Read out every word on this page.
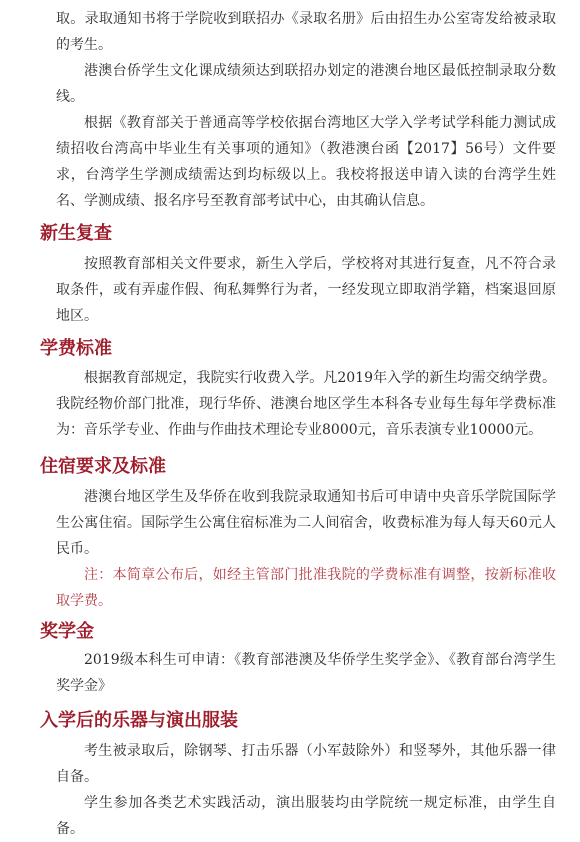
取。录取通知书将于学院收到联招办《录取名册》后由招生办公室寄发给被录取的考生。

港澳台侨学生文化课成绩须达到联招办划定的港澳台地区最低控制录取分数线。

根据《教育部关于普通高等学校依据台湾地区大学入学考试学科能力测试成绩招收台湾高中毕业生有关事项的通知》（教港澳台函【2017】56号）文件要求，台湾学生学测成绩需达到均标级以上。我校将报送申请入读的台湾学生姓名、学测成绩、报名序号至教育部考试中心，由其确认信息。

新生复查

按照教育部相关文件要求，新生入学后，学校将对其进行复查，凡不符合录取条件，或有弄虚作假、徇私舞弊行为者，一经发现立即取消学籍，档案退回原地区。

学费标准

根据教育部规定，我院实行收费入学。凡2019年入学的新生均需交纳学费。我院经物价部门批准，现行华侨、港澳台地区学生本科各专业每生每年学费标准为：音乐学专业、作曲与作曲技术理论专业8000元，音乐表演专业10000元。

住宿要求及标准

港澳台地区学生及华侨在收到我院录取通知书后可申请中央音乐学院国际学生公寓住宿。国际学生公寓住宿标准为二人间宿舍，收费标准为每人每天60元人民币。

注：本简章公布后，如经主管部门批准我院的学费标准有调整，按新标准收取学费。

奖学金

2019级本科生可申请：《教育部港澳及华侨学生奖学金》、《教育部台湾学生奖学金》

入学后的乐器与演出服装

考生被录取后，除钢琴、打击乐器（小军鼓除外）和竖琴外，其他乐器一律自备。

学生参加各类艺术实践活动，演出服装均由学院统一规定标准，由学生自备。
